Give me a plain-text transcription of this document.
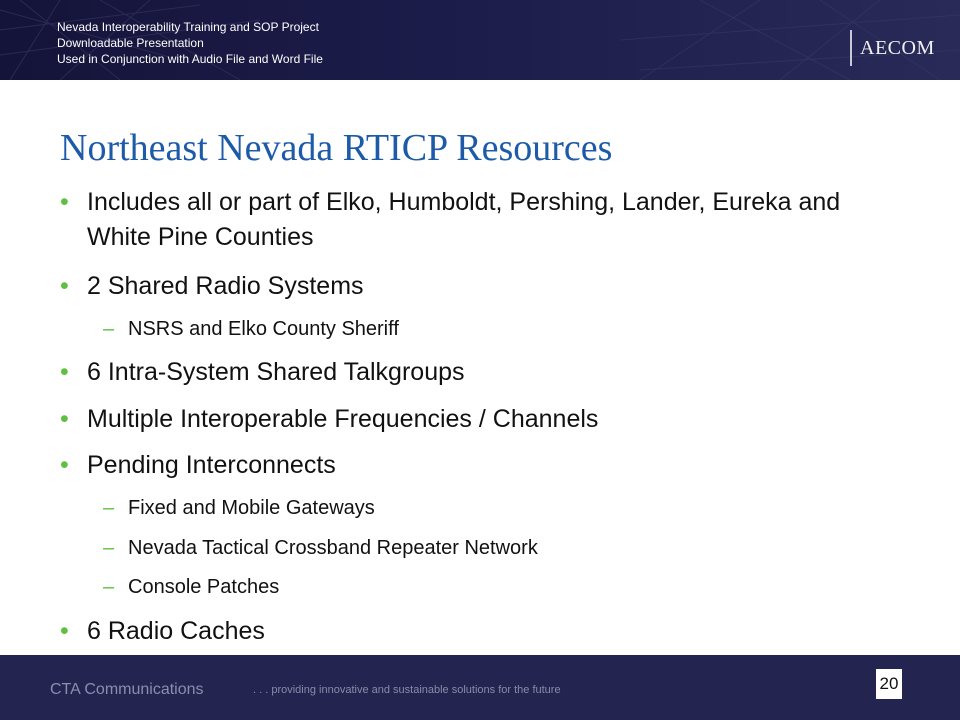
Nevada Interoperability Training and SOP Project
Downloadable Presentation
Used in Conjunction with Audio File and Word File
AECOM
Northeast Nevada RTICP Resources
• Includes all or part of Elko, Humboldt, Pershing, Lander, Eureka and White Pine Counties
• 2 Shared Radio Systems
– NSRS and Elko County Sheriff
• 6 Intra-System Shared Talkgroups
• Multiple Interoperable Frequencies / Channels
• Pending Interconnects
– Fixed and Mobile Gateways
– Nevada Tactical Crossband Repeater Network
– Console Patches
• 6 Radio Caches
CTA Communications	. . . providing innovative and sustainable solutions for the future	20
